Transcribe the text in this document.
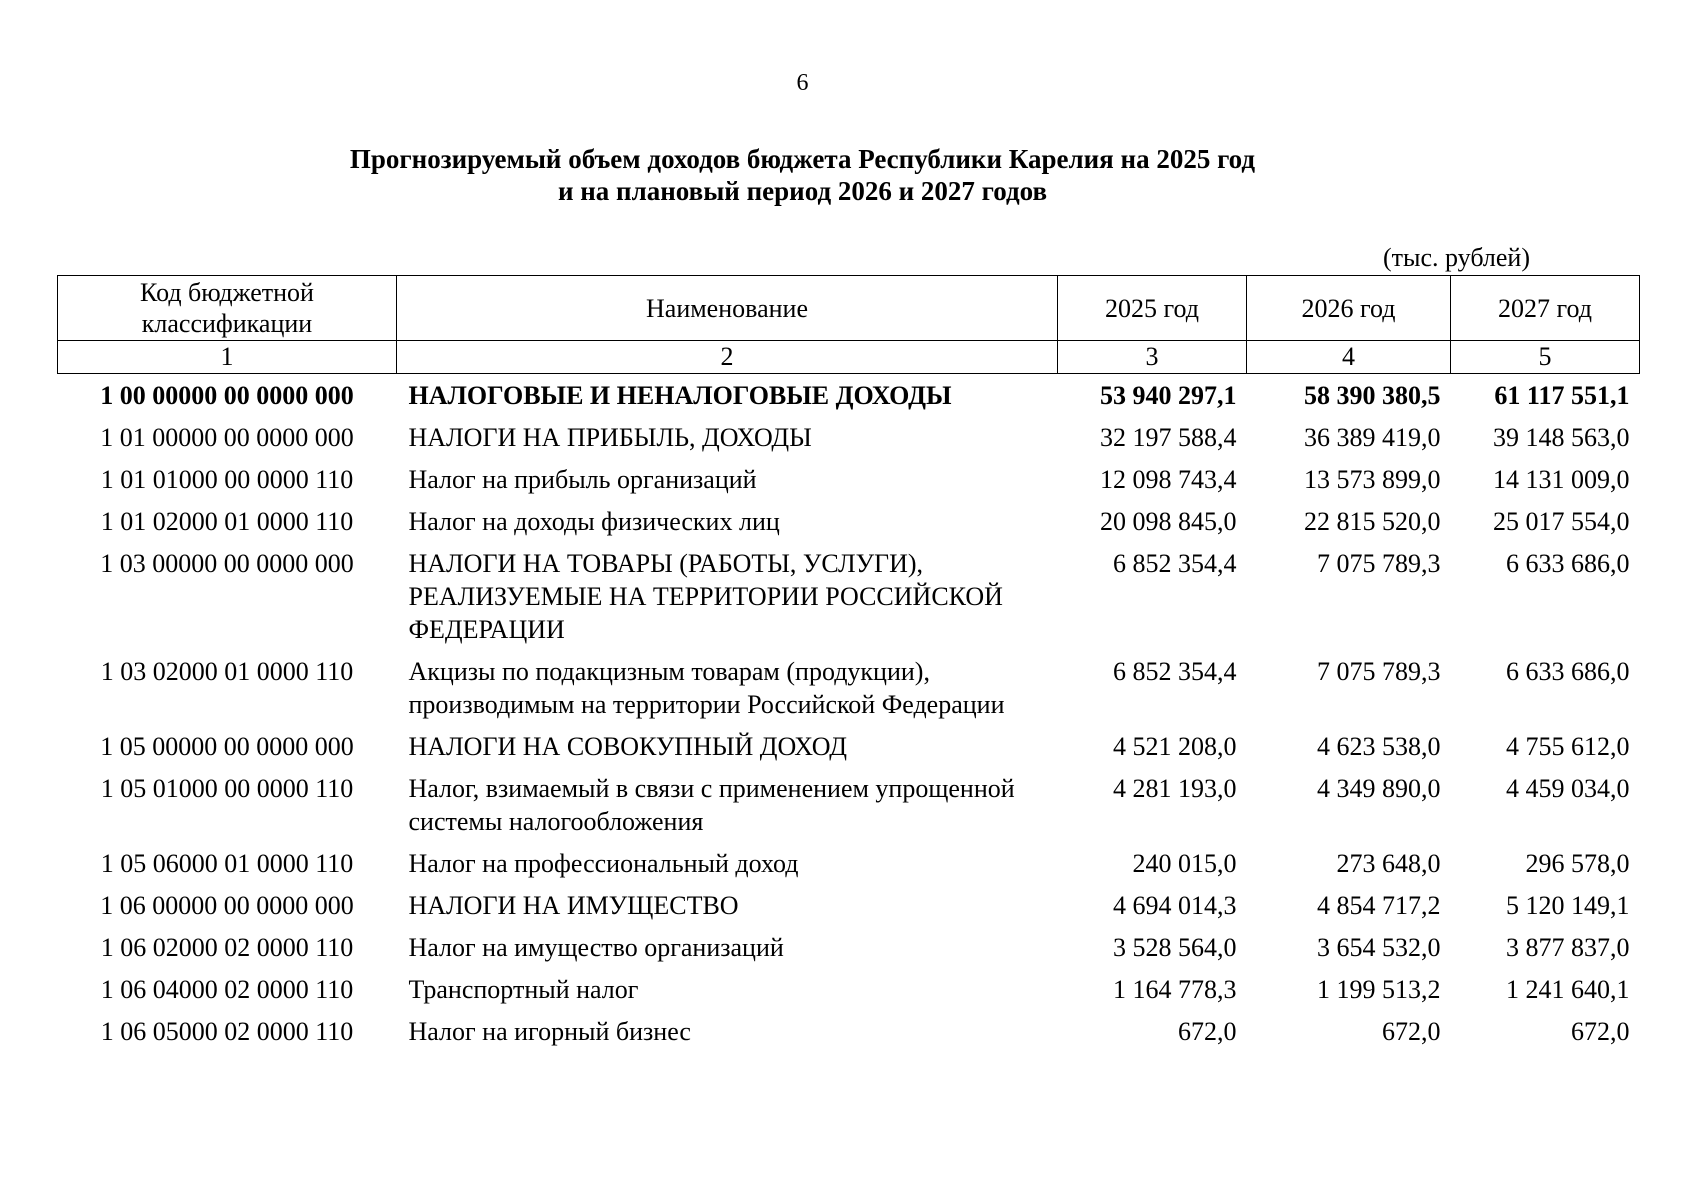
6
Прогнозируемый объем доходов бюджета Республики Карелия на 2025 год
и на плановый период 2026 и 2027 годов
(тыс. рублей)
Код бюджетной классификации	Наименование	2025 год	2026 год	2027 год
1	2	3	4	5
1 00 00000 00 0000 000	НАЛОГОВЫЕ И НЕНАЛОГОВЫЕ ДОХОДЫ	53 940 297,1	58 390 380,5	61 117 551,1
1 01 00000 00 0000 000	НАЛОГИ НА ПРИБЫЛЬ, ДОХОДЫ	32 197 588,4	36 389 419,0	39 148 563,0
1 01 01000 00 0000 110	Налог на прибыль организаций	12 098 743,4	13 573 899,0	14 131 009,0
1 01 02000 01 0000 110	Налог на доходы физических лиц	20 098 845,0	22 815 520,0	25 017 554,0
1 03 00000 00 0000 000	НАЛОГИ НА ТОВАРЫ (РАБОТЫ, УСЛУГИ), РЕАЛИЗУЕМЫЕ НА ТЕРРИТОРИИ РОССИЙСКОЙ ФЕДЕРАЦИИ	6 852 354,4	7 075 789,3	6 633 686,0
1 03 02000 01 0000 110	Акцизы по подакцизным товарам (продукции), производимым на территории Российской Федерации	6 852 354,4	7 075 789,3	6 633 686,0
1 05 00000 00 0000 000	НАЛОГИ НА СОВОКУПНЫЙ ДОХОД	4 521 208,0	4 623 538,0	4 755 612,0
1 05 01000 00 0000 110	Налог, взимаемый в связи с применением упрощенной системы налогообложения	4 281 193,0	4 349 890,0	4 459 034,0
1 05 06000 01 0000 110	Налог на профессиональный доход	240 015,0	273 648,0	296 578,0
1 06 00000 00 0000 000	НАЛОГИ НА ИМУЩЕСТВО	4 694 014,3	4 854 717,2	5 120 149,1
1 06 02000 02 0000 110	Налог на имущество организаций	3 528 564,0	3 654 532,0	3 877 837,0
1 06 04000 02 0000 110	Транспортный налог	1 164 778,3	1 199 513,2	1 241 640,1
1 06 05000 02 0000 110	Налог на игорный бизнес	672,0	672,0	672,0
